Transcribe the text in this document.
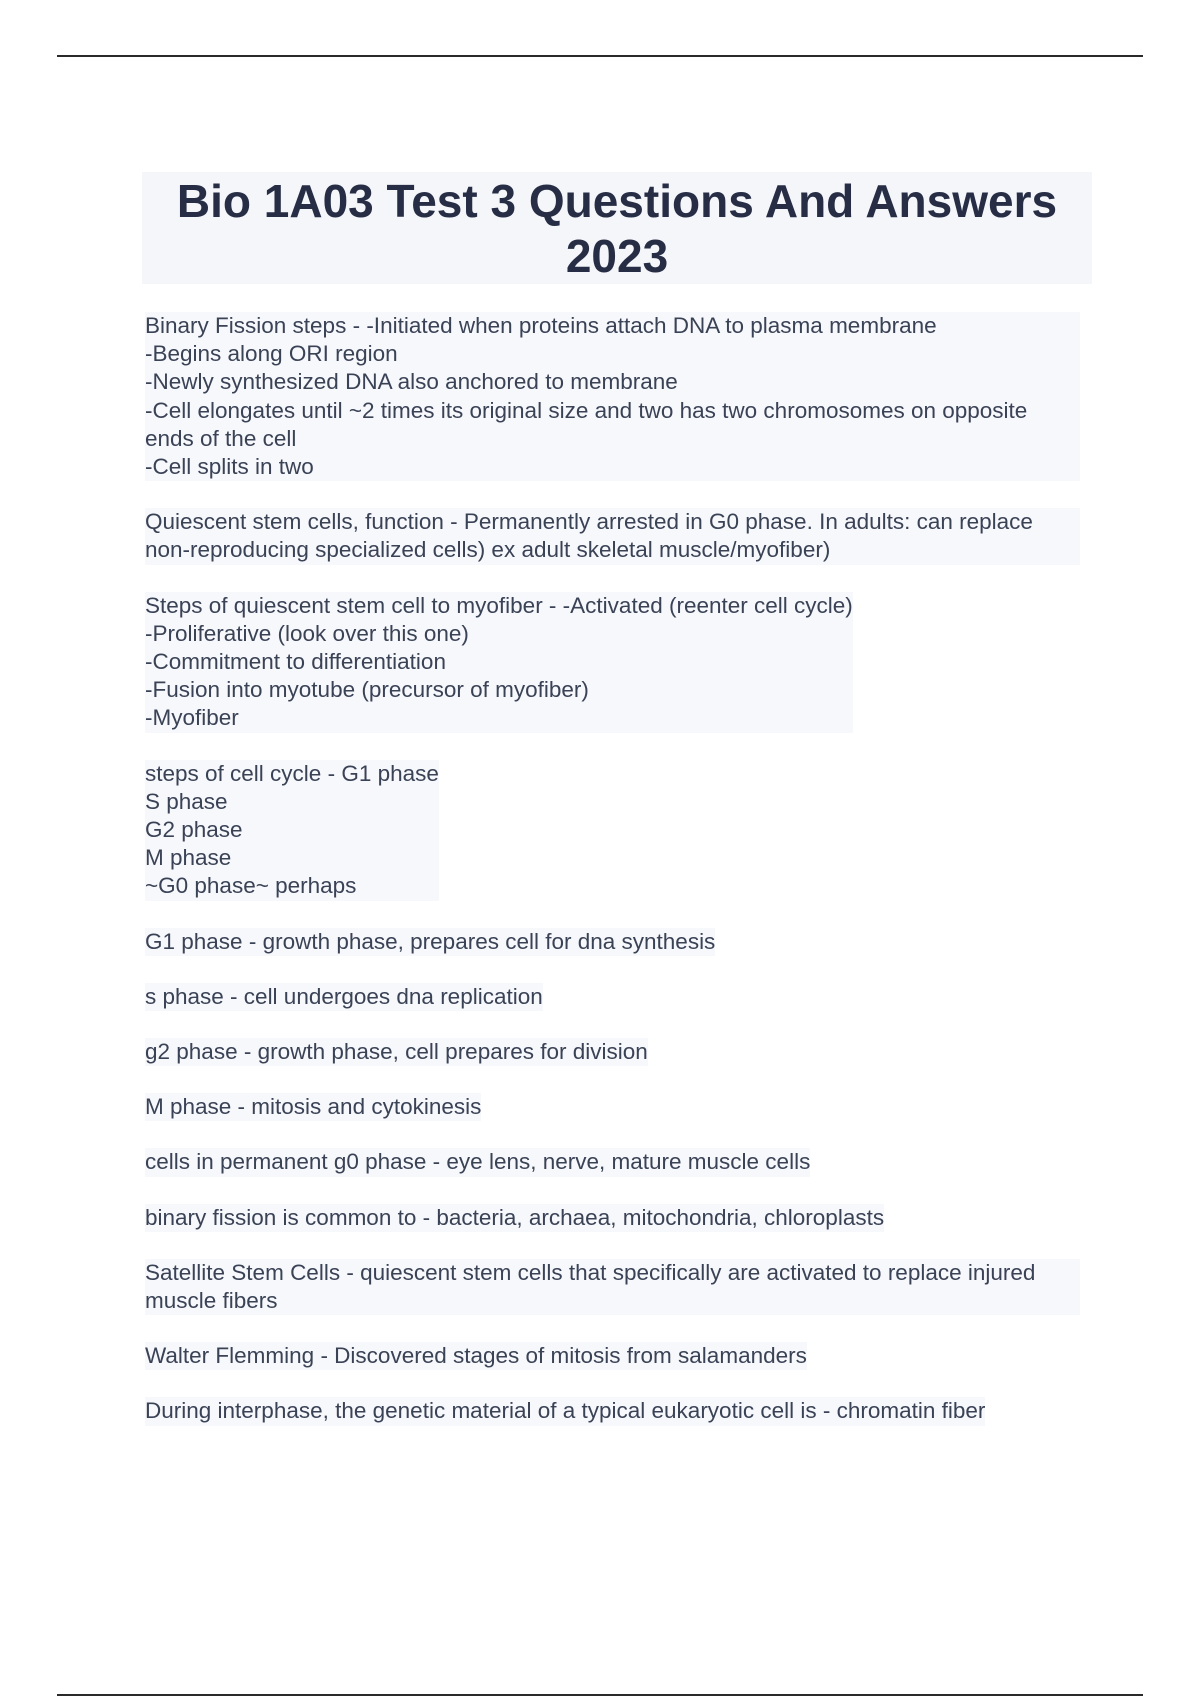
Bio 1A03 Test 3 Questions And Answers 2023
Binary Fission steps - -Initiated when proteins attach DNA to plasma membrane
-Begins along ORI region
-Newly synthesized DNA also anchored to membrane
-Cell elongates until ~2 times its original size and two has two chromosomes on opposite ends of the cell
-Cell splits in two
Quiescent stem cells, function - Permanently arrested in G0 phase. In adults: can replace non-reproducing specialized cells) ex adult skeletal muscle/myofiber)
Steps of quiescent stem cell to myofiber - -Activated (reenter cell cycle)
-Proliferative (look over this one)
-Commitment to differentiation
-Fusion into myotube (precursor of myofiber)
-Myofiber
steps of cell cycle - G1 phase
S phase
G2 phase
M phase
~G0 phase~ perhaps
G1 phase - growth phase, prepares cell for dna synthesis
s phase - cell undergoes dna replication
g2 phase - growth phase, cell prepares for division
M phase - mitosis and cytokinesis
cells in permanent g0 phase - eye lens, nerve, mature muscle cells
binary fission is common to - bacteria, archaea, mitochondria, chloroplasts
Satellite Stem Cells - quiescent stem cells that specifically are activated to replace injured muscle fibers
Walter Flemming - Discovered stages of mitosis from salamanders
During interphase, the genetic material of a typical eukaryotic cell is - chromatin fiber
